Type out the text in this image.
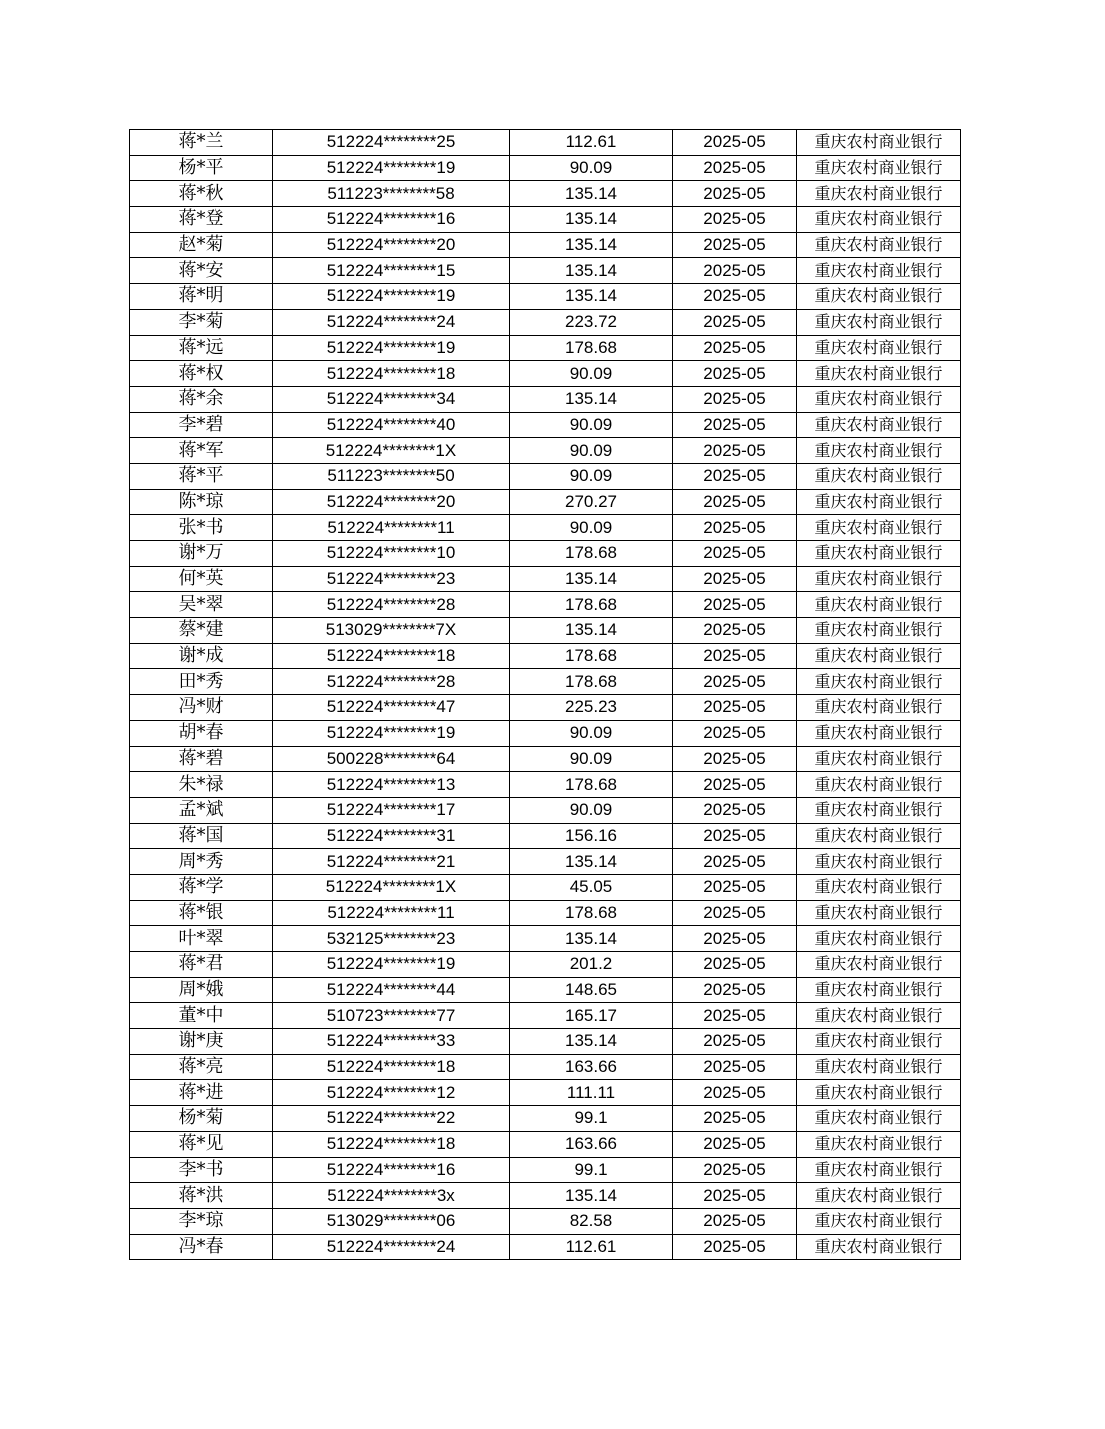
蒋*兰	512224********25	112.61	2025-05	重庆农村商业银行
杨*平	512224********19	90.09	2025-05	重庆农村商业银行
蒋*秋	511223********58	135.14	2025-05	重庆农村商业银行
蒋*登	512224********16	135.14	2025-05	重庆农村商业银行
赵*菊	512224********20	135.14	2025-05	重庆农村商业银行
蒋*安	512224********15	135.14	2025-05	重庆农村商业银行
蒋*明	512224********19	135.14	2025-05	重庆农村商业银行
李*菊	512224********24	223.72	2025-05	重庆农村商业银行
蒋*远	512224********19	178.68	2025-05	重庆农村商业银行
蒋*权	512224********18	90.09	2025-05	重庆农村商业银行
蒋*余	512224********34	135.14	2025-05	重庆农村商业银行
李*碧	512224********40	90.09	2025-05	重庆农村商业银行
蒋*军	512224********1X	90.09	2025-05	重庆农村商业银行
蒋*平	511223********50	90.09	2025-05	重庆农村商业银行
陈*琼	512224********20	270.27	2025-05	重庆农村商业银行
张*书	512224********11	90.09	2025-05	重庆农村商业银行
谢*万	512224********10	178.68	2025-05	重庆农村商业银行
何*英	512224********23	135.14	2025-05	重庆农村商业银行
吴*翠	512224********28	178.68	2025-05	重庆农村商业银行
蔡*建	513029********7X	135.14	2025-05	重庆农村商业银行
谢*成	512224********18	178.68	2025-05	重庆农村商业银行
田*秀	512224********28	178.68	2025-05	重庆农村商业银行
冯*财	512224********47	225.23	2025-05	重庆农村商业银行
胡*春	512224********19	90.09	2025-05	重庆农村商业银行
蒋*碧	500228********64	90.09	2025-05	重庆农村商业银行
朱*禄	512224********13	178.68	2025-05	重庆农村商业银行
孟*斌	512224********17	90.09	2025-05	重庆农村商业银行
蒋*国	512224********31	156.16	2025-05	重庆农村商业银行
周*秀	512224********21	135.14	2025-05	重庆农村商业银行
蒋*学	512224********1X	45.05	2025-05	重庆农村商业银行
蒋*银	512224********11	178.68	2025-05	重庆农村商业银行
叶*翠	532125********23	135.14	2025-05	重庆农村商业银行
蒋*君	512224********19	201.2	2025-05	重庆农村商业银行
周*娥	512224********44	148.65	2025-05	重庆农村商业银行
董*中	510723********77	165.17	2025-05	重庆农村商业银行
谢*庚	512224********33	135.14	2025-05	重庆农村商业银行
蒋*亮	512224********18	163.66	2025-05	重庆农村商业银行
蒋*进	512224********12	111.11	2025-05	重庆农村商业银行
杨*菊	512224********22	99.1	2025-05	重庆农村商业银行
蒋*见	512224********18	163.66	2025-05	重庆农村商业银行
李*书	512224********16	99.1	2025-05	重庆农村商业银行
蒋*洪	512224********3x	135.14	2025-05	重庆农村商业银行
李*琼	513029********06	82.58	2025-05	重庆农村商业银行
冯*春	512224********24	112.61	2025-05	重庆农村商业银行
